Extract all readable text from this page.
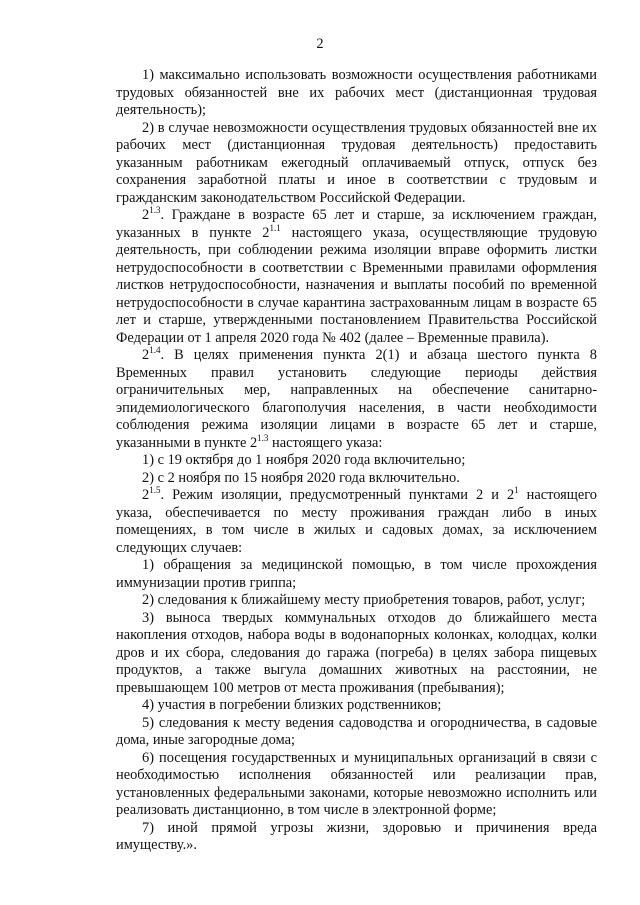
2

1) максимально использовать возможности осуществления работниками трудовых обязанностей вне их рабочих мест (дистанционная трудовая деятельность);

2) в случае невозможности осуществления трудовых обязанностей вне их рабочих мест (дистанционная трудовая деятельность) предоставить указанным работникам ежегодный оплачиваемый отпуск, отпуск без сохранения заработной платы и иное в соответствии с трудовым и гражданским законодательством Российской Федерации.

$2^{1.3}$. Граждане в возрасте 65 лет и старше, за исключением граждан, указанных в пункте $2^{1.1}$ настоящего указа, осуществляющие трудовую деятельность, при соблюдении режима изоляции вправе оформить листки нетрудоспособности в соответствии с Временными правилами оформления листков нетрудоспособности, назначения и выплаты пособий по временной нетрудоспособности в случае карантина застрахованным лицам в возрасте 65 лет и старше, утвержденными постановлением Правительства Российской Федерации от 1 апреля 2020 года № 402 (далее – Временные правила).

$2^{1.4}$. В целях применения пункта 2(1) и абзаца шестого пункта 8 Временных правил установить следующие периоды действия ограничительных мер, направленных на обеспечение санитарно-эпидемиологического благополучия населения, в части необходимости соблюдения режима изоляции лицами в возрасте 65 лет и старше, указанными в пункте $2^{1.3}$ настоящего указа:

1) с 19 октября до 1 ноября 2020 года включительно;

2) с 2 ноября по 15 ноября 2020 года включительно.

$2^{1.5}$. Режим изоляции, предусмотренный пунктами 2 и $2^1$ настоящего указа, обеспечивается по месту проживания граждан либо в иных помещениях, в том числе в жилых и садовых домах, за исключением следующих случаев:

1) обращения за медицинской помощью, в том числе прохождения иммунизации против гриппа;

2) следования к ближайшему месту приобретения товаров, работ, услуг;

3) выноса твердых коммунальных отходов до ближайшего места накопления отходов, набора воды в водонапорных колонках, колодцах, колки дров и их сбора, следования до гаража (погреба) в целях забора пищевых продуктов, а также выгула домашних животных на расстоянии, не превышающем 100 метров от места проживания (пребывания);

4) участия в погребении близких родственников;

5) следования к месту ведения садоводства и огородничества, в садовые дома, иные загородные дома;

6) посещения государственных и муниципальных организаций в связи с необходимостью исполнения обязанностей или реализации прав, установленных федеральными законами, которые невозможно исполнить или реализовать дистанционно, в том числе в электронной форме;

7) иной прямой угрозы жизни, здоровью и причинения вреда имуществу.».
